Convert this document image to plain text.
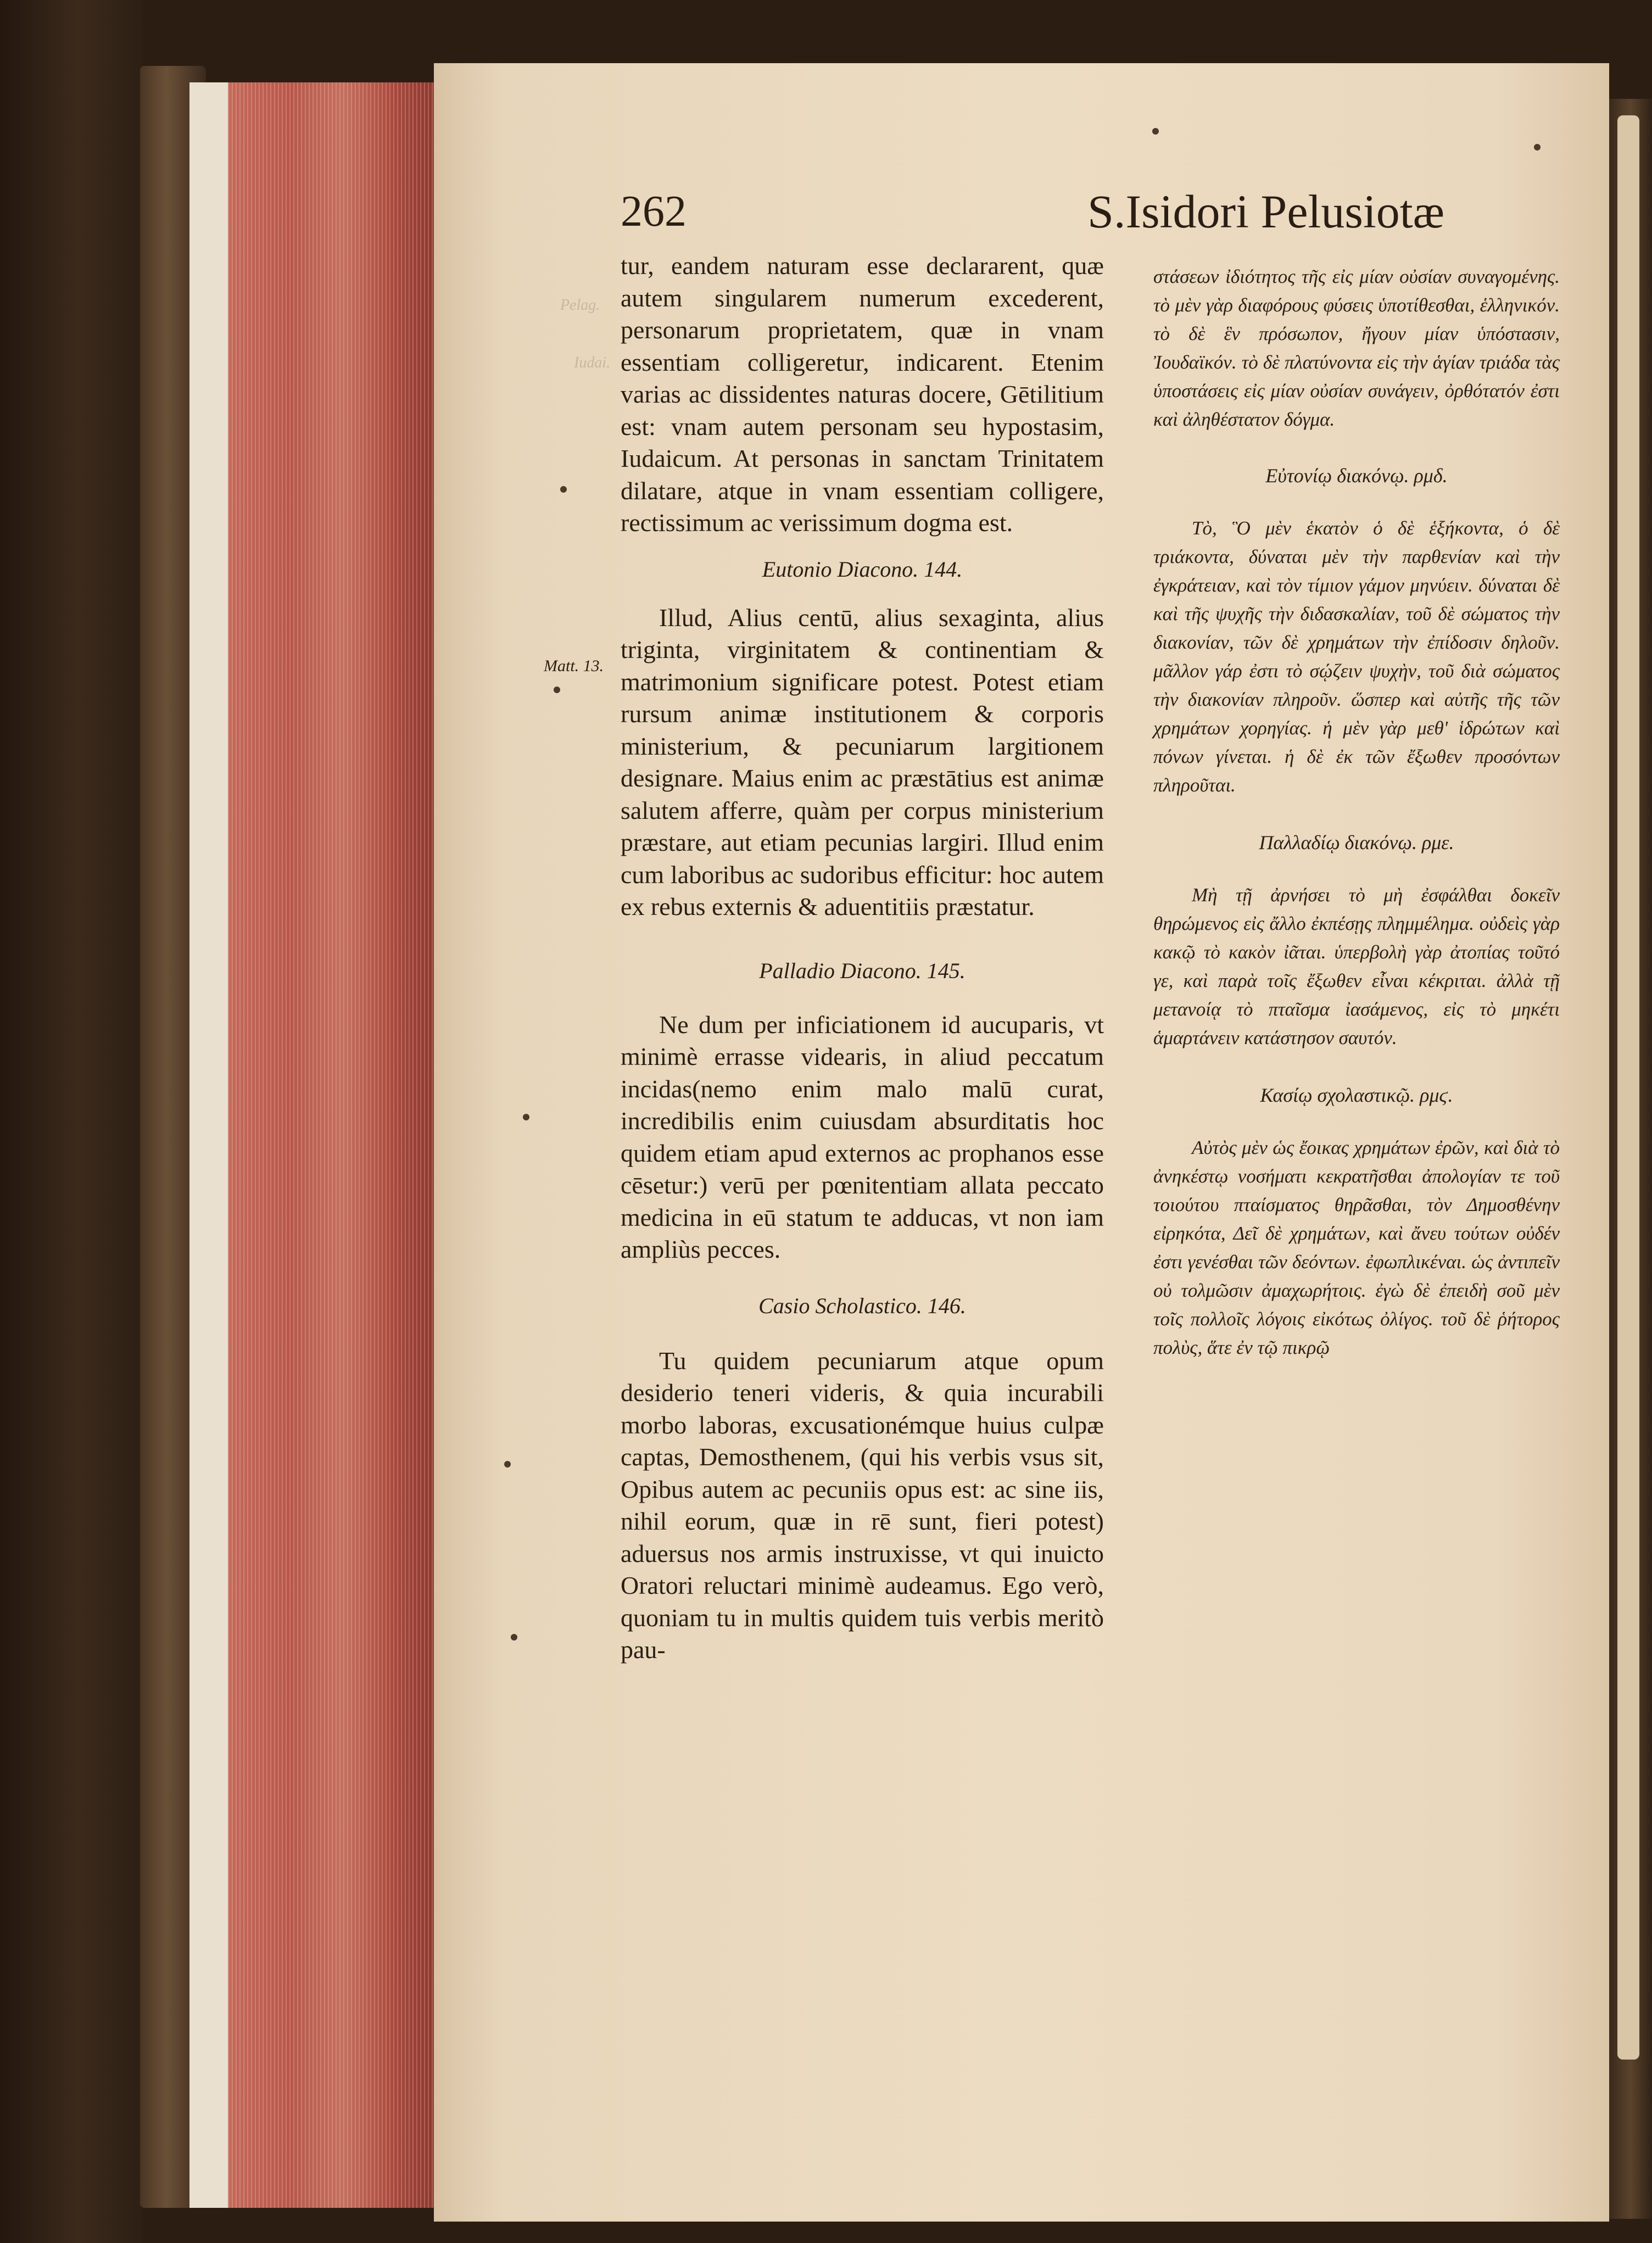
Pelag.
Iudai.
262	S.Isidori Pelusiotæ
Matt. 13.

tur, eandem naturam esse declararent, quæ autem singularem numerum excederent, personarum proprietatem, quæ in vnam essentiam colligeretur, indicarent. Etenim varias ac dissidentes naturas docere, Gētilitium est: vnam autem personam seu hypostasim, Iudaicum. At personas in sanctam Trinitatem dilatare, atque in vnam essentiam colligere, rectissimum ac verissimum dogma est.

Eutonio Diacono. 144.

Illud, Alius centū, alius sexaginta, alius triginta, virginitatem & continentiam & matrimonium significare potest. Potest etiam rursum animæ institutionem & corporis ministerium, & pecuniarum largitionem designare. Maius enim ac præstātius est animæ salutem afferre, quàm per corpus ministerium præstare, aut etiam pecunias largiri. Illud enim cum laboribus ac sudoribus efficitur: hoc autem ex rebus externis & aduentitiis præstatur.

Palladio Diacono. 145.

Ne dum per inficiationem id aucuparis, vt minimè errasse videaris, in aliud peccatum incidas(nemo enim malo malū curat, incredibilis enim cuiusdam absurditatis hoc quidem etiam apud externos ac prophanos esse cēsetur:) verū per pœnitentiam allata peccato medicina in eū statum te adducas, vt non iam ampliùs pecces.

Casio Scholastico. 146.

Tu quidem pecuniarum atque opum desiderio teneri videris, & quia incurabili morbo laboras, excusationémque huius culpæ captas, Demosthenem, (qui his verbis vsus sit, Opibus autem ac pecuniis opus est: ac sine iis, nihil eorum, quæ in rē sunt, fieri potest) aduersus nos armis instruxisse, vt qui inuicto Oratori reluctari minimè audeamus. Ego verò, quoniam tu in multis quidem tuis verbis meritò pau-

στάσεων ἰδιότητος τῆς εἰς μίαν οὐσίαν συναγομένης. τὸ μὲν γὰρ διαφόρους φύσεις ὑποτίθεσθαι, ἑλληνικόν. τὸ δὲ ἓν πρόσωπον, ἤγουν μίαν ὑπόστασιν, Ἰουδαϊκόν. τὸ δὲ πλατύνοντα εἰς τὴν ἁγίαν τριάδα τὰς ὑποστάσεις εἰς μίαν οὐσίαν συνάγειν, ὀρθότατόν ἐστι καὶ ἀληθέστατον δόγμα.

Εὐτονίῳ διακόνῳ. ρμδ.

Τὸ, Ὃ μὲν ἑκατὸν ὁ δὲ ἑξήκοντα, ὁ δὲ τριάκοντα, δύναται μὲν τὴν παρθενίαν καὶ τὴν ἐγκράτειαν, καὶ τὸν τίμιον γάμον μηνύειν. δύναται δὲ καὶ τῆς ψυχῆς τὴν διδασκαλίαν, τοῦ δὲ σώματος τὴν διακονίαν, τῶν δὲ χρημάτων τὴν ἐπίδοσιν δηλοῦν. μᾶλλον γάρ ἐστι τὸ σῴζειν ψυχὴν, τοῦ διὰ σώματος τὴν διακονίαν πληροῦν. ὥσπερ καὶ αὐτῆς τῆς τῶν χρημάτων χορηγίας. ἡ μὲν γὰρ μεθ' ἱδρώτων καὶ πόνων γίνεται. ἡ δὲ ἐκ τῶν ἔξωθεν προσόντων πληροῦται.

Παλλαδίῳ διακόνῳ. ρμε.

Μὴ τῇ ἀρνήσει τὸ μὴ ἐσφάλθαι δοκεῖν θηρώμενος εἰς ἄλλο ἐκπέσῃς πλημμέλημα. οὐδεὶς γὰρ κακῷ τὸ κακὸν ἰᾶται. ὑπερβολὴ γὰρ ἀτοπίας τοῦτό γε, καὶ παρὰ τοῖς ἔξωθεν εἶναι κέκριται. ἀλλὰ τῇ μετανοίᾳ τὸ πταῖσμα ἰασάμενος, εἰς τὸ μηκέτι ἁμαρτάνειν κατάστησον σαυτόν.

Κασίῳ σχολαστικῷ. ρμϛ.

Αὐτὸς μὲν ὡς ἔοικας χρημάτων ἐρῶν, καὶ διὰ τὸ ἀνηκέστῳ νοσήματι κεκρατῆσθαι ἀπολογίαν τε τοῦ τοιούτου πταίσματος θηρᾶσθαι, τὸν Δημοσθένην εἰρηκότα, Δεῖ δὲ χρημάτων, καὶ ἄνευ τούτων οὐδέν ἐστι γενέσθαι τῶν δεόντων. ἐφωπλικέναι. ὡς ἀντιπεῖν οὐ τολμῶσιν ἀμαχωρήτοις. ἐγὼ δὲ ἐπειδὴ σοῦ μὲν τοῖς πολλοῖς λόγοις εἰκότως ὀλίγος. τοῦ δὲ ῥήτορος πολὺς, ἅτε ἐν τῷ πικρῷ
